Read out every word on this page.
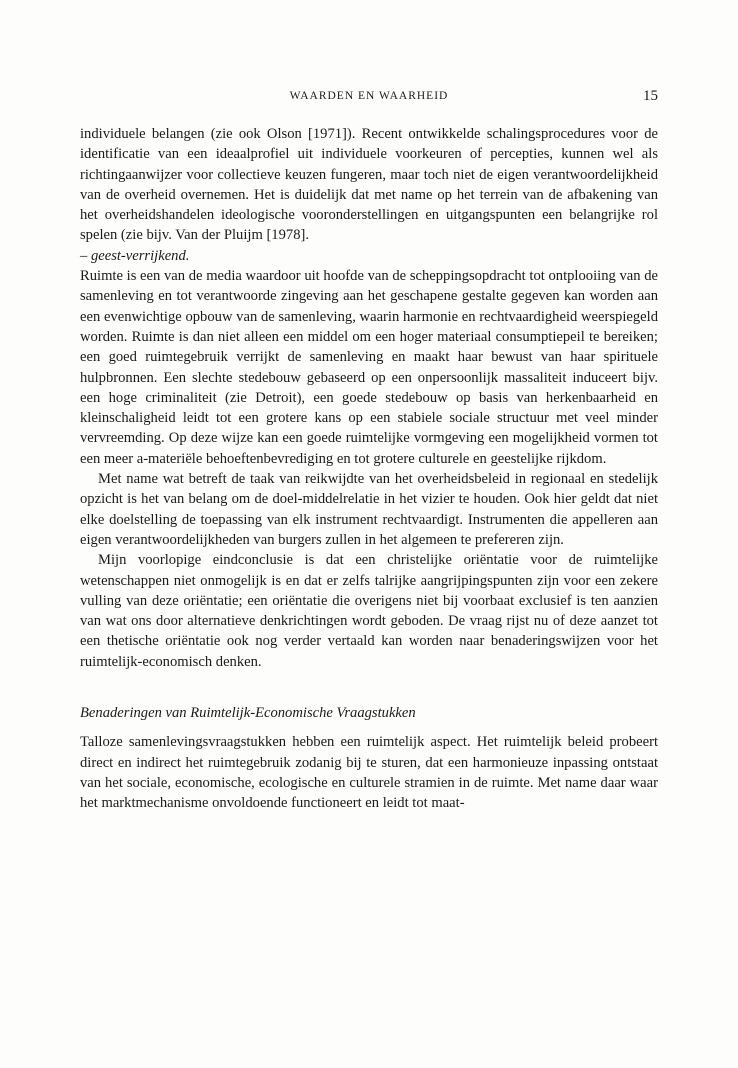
WAARDEN EN WAARHEID	15

individuele belangen (zie ook Olson [1971]). Recent ontwikkelde schalingsprocedures voor de identificatie van een ideaalprofiel uit individuele voorkeuren of percepties, kunnen wel als richtingaanwijzer voor collectieve keuzen fungeren, maar toch niet de eigen verantwoordelijkheid van de overheid overnemen. Het is duidelijk dat met name op het terrein van de afbakening van het overheidshandelen ideologische vooronderstellingen en uitgangspunten een belangrijke rol spelen (zie bijv. Van der Pluijm [1978].

– geest-verrijkend.

Ruimte is een van de media waardoor uit hoofde van de scheppingsopdracht tot ontplooiing van de samenleving en tot verantwoorde zingeving aan het geschapene gestalte gegeven kan worden aan een evenwichtige opbouw van de samenleving, waarin harmonie en rechtvaardigheid weerspiegeld worden. Ruimte is dan niet alleen een middel om een hoger materiaal consumptiepeil te bereiken; een goed ruimtegebruik verrijkt de samenleving en maakt haar bewust van haar spirituele hulpbronnen. Een slechte stedebouw gebaseerd op een onpersoonlijk massaliteit induceert bijv. een hoge criminaliteit (zie Detroit), een goede stedebouw op basis van herkenbaarheid en kleinschaligheid leidt tot een grotere kans op een stabiele sociale structuur met veel minder vervreemding. Op deze wijze kan een goede ruimtelijke vormgeving een mogelijkheid vormen tot een meer a-materiële behoeftenbevrediging en tot grotere culturele en geestelijke rijkdom.

Met name wat betreft de taak van reikwijdte van het overheidsbeleid in regionaal en stedelijk opzicht is het van belang om de doel-middelrelatie in het vizier te houden. Ook hier geldt dat niet elke doelstelling de toepassing van elk instrument rechtvaardigt. Instrumenten die appelleren aan eigen verantwoordelijkheden van burgers zullen in het algemeen te prefereren zijn.

Mijn voorlopige eindconclusie is dat een christelijke oriëntatie voor de ruimtelijke wetenschappen niet onmogelijk is en dat er zelfs talrijke aangrijpingspunten zijn voor een zekere vulling van deze oriëntatie; een oriëntatie die overigens niet bij voorbaat exclusief is ten aanzien van wat ons door alternatieve denkrichtingen wordt geboden. De vraag rijst nu of deze aanzet tot een thetische oriëntatie ook nog verder vertaald kan worden naar benaderingswijzen voor het ruimtelijk-economisch denken.

Benaderingen van Ruimtelijk-Economische Vraagstukken

Talloze samenlevingsvraagstukken hebben een ruimtelijk aspect. Het ruimtelijk beleid probeert direct en indirect het ruimtegebruik zodanig bij te sturen, dat een harmonieuze inpassing ontstaat van het sociale, economische, ecologische en culturele stramien in de ruimte. Met name daar waar het marktmechanisme onvoldoende functioneert en leidt tot maat-
